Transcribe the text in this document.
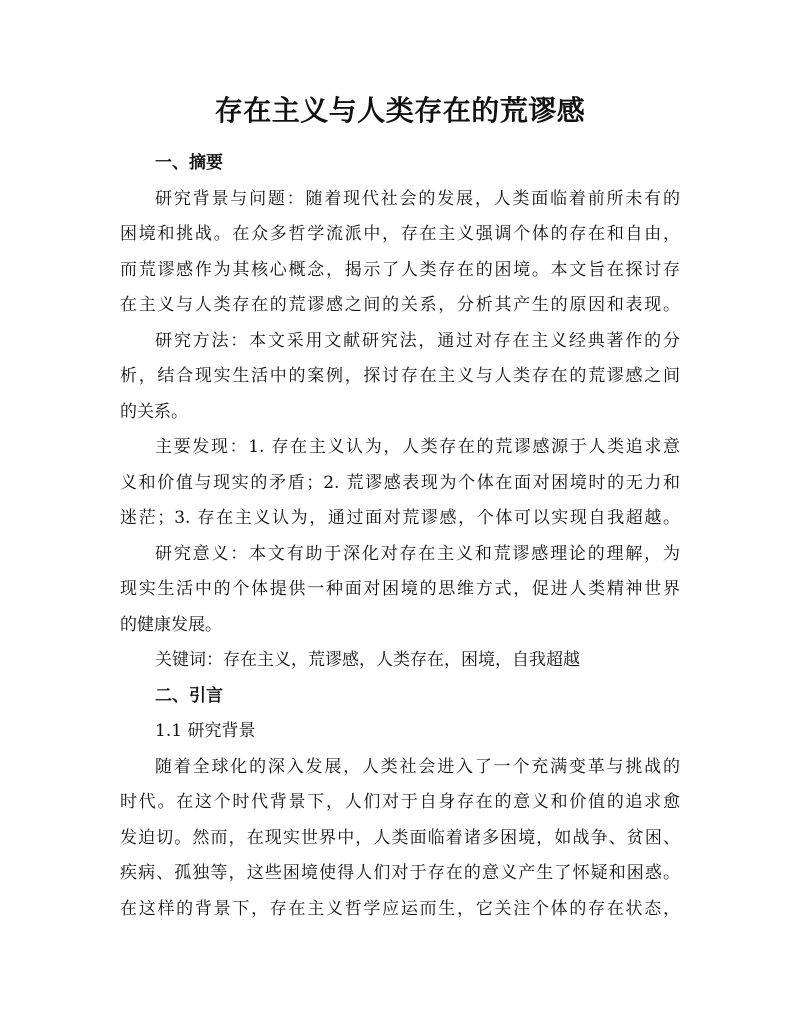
存在主义与人类存在的荒谬感
一、摘要

研究背景与问题：随着现代社会的发展，人类面临着前所未有的
困境和挑战。在众多哲学流派中，存在主义强调个体的存在和自由，
而荒谬感作为其核心概念，揭示了人类存在的困境。本文旨在探讨存
在主义与人类存在的荒谬感之间的关系，分析其产生的原因和表现。

研究方法：本文采用文献研究法，通过对存在主义经典著作的分
析，结合现实生活中的案例，探讨存在主义与人类存在的荒谬感之间
的关系。

主要发现：1. 存在主义认为，人类存在的荒谬感源于人类追求意
义和价值与现实的矛盾；2. 荒谬感表现为个体在面对困境时的无力和
迷茫；3. 存在主义认为，通过面对荒谬感，个体可以实现自我超越。

研究意义：本文有助于深化对存在主义和荒谬感理论的理解，为
现实生活中的个体提供一种面对困境的思维方式，促进人类精神世界
的健康发展。

关键词：存在主义，荒谬感，人类存在，困境，自我超越

二、引言

1.1 研究背景

随着全球化的深入发展，人类社会进入了一个充满变革与挑战的
时代。在这个时代背景下，人们对于自身存在的意义和价值的追求愈
发迫切。然而，在现实世界中，人类面临着诸多困境，如战争、贫困、
疾病、孤独等，这些困境使得人们对于存在的意义产生了怀疑和困惑。
在这样的背景下，存在主义哲学应运而生，它关注个体的存在状态，
